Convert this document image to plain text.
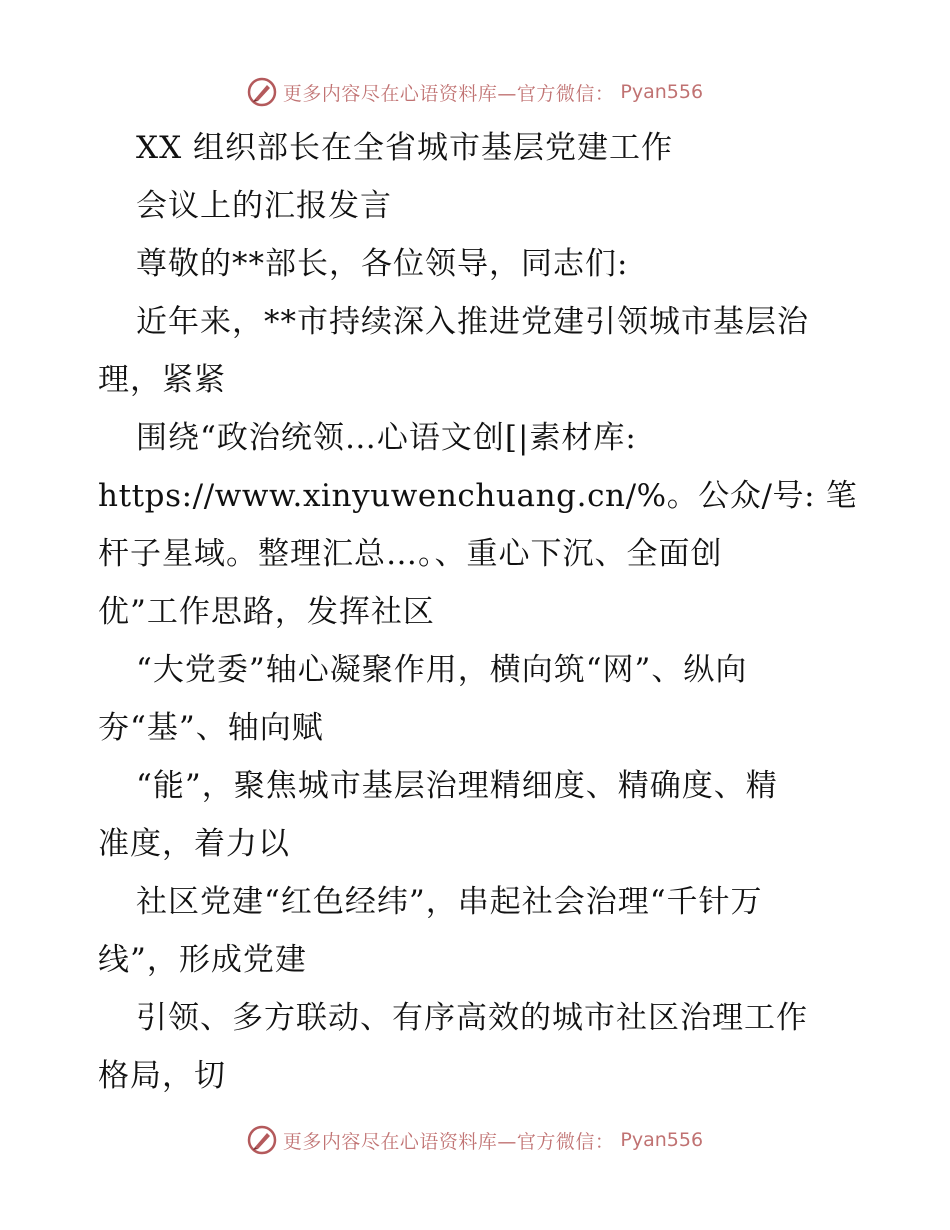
更多内容尽在心语资料库—官方微信： Pyan556
XX 组织部长在全省城市基层党建工作
会议上的汇报发言
尊敬的**部长，各位领导，同志们:
近年来，**市持续深入推进党建引领城市基层治
理，紧紧
围绕“政治统领…心语文创[|素材库:
https://www.xinyuwenchuang.cn/%。公众/号: 笔
杆子星域。整理汇总…。、重心下沉、全面创
优”工作思路，发挥社区
“大党委”轴心凝聚作用，横向筑“网”、纵向
夯“基”、轴向赋
“能”，聚焦城市基层治理精细度、精确度、精
准度，着力以
社区党建“红色经纬”，串起社会治理“千针万
线”，形成党建
引领、多方联动、有序高效的城市社区治理工作
格局，切
更多内容尽在心语资料库—官方微信： Pyan556
